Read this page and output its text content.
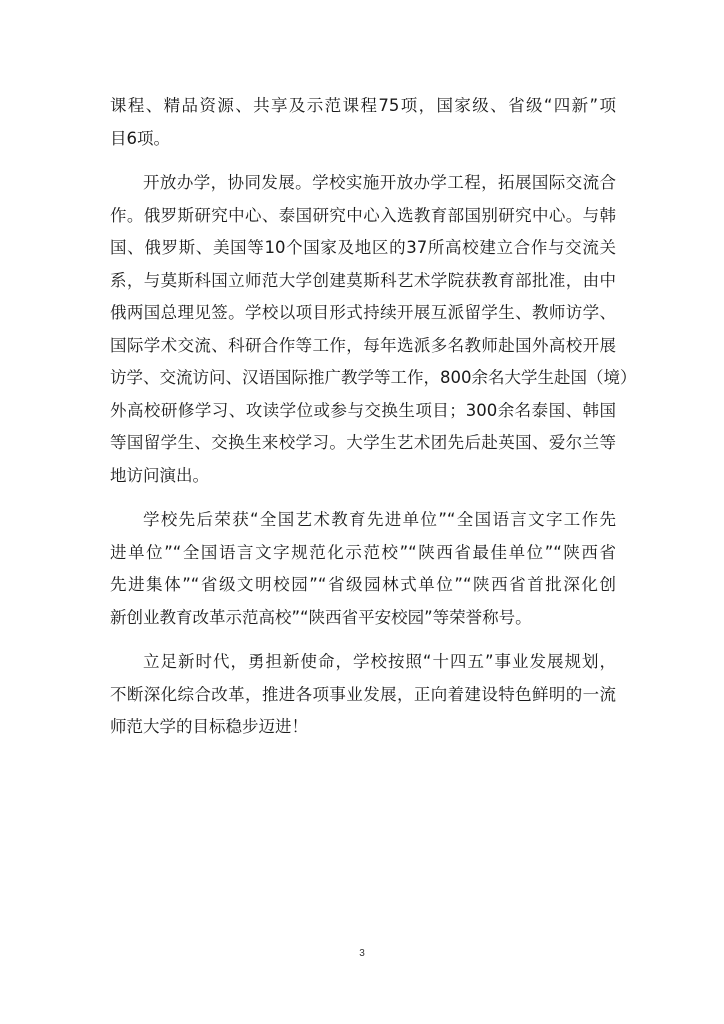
课程、精品资源、共享及示范课程75项，国家级、省级“四新”项
目6项。

开放办学，协同发展。学校实施开放办学工程，拓展国际交流合
作。俄罗斯研究中心、泰国研究中心入选教育部国别研究中心。与韩
国、俄罗斯、美国等10个国家及地区的37所高校建立合作与交流关
系，与莫斯科国立师范大学创建莫斯科艺术学院获教育部批准，由中
俄两国总理见签。学校以项目形式持续开展互派留学生、教师访学、
国际学术交流、科研合作等工作，每年选派多名教师赴国外高校开展
访学、交流访问、汉语国际推广教学等工作，800余名大学生赴国（境）
外高校研修学习、攻读学位或参与交换生项目；300余名泰国、韩国
等国留学生、交换生来校学习。大学生艺术团先后赴英国、爱尔兰等
地访问演出。

学校先后荣获“全国艺术教育先进单位”“全国语言文字工作先
进单位”“全国语言文字规范化示范校”“陕西省最佳单位”“陕西省
先进集体”“省级文明校园”“省级园林式单位”“陕西省首批深化创
新创业教育改革示范高校”“陕西省平安校园”等荣誉称号。

立足新时代，勇担新使命，学校按照“十四五”事业发展规划，
不断深化综合改革，推进各项事业发展，正向着建设特色鲜明的一流
师范大学的目标稳步迈进！

3
